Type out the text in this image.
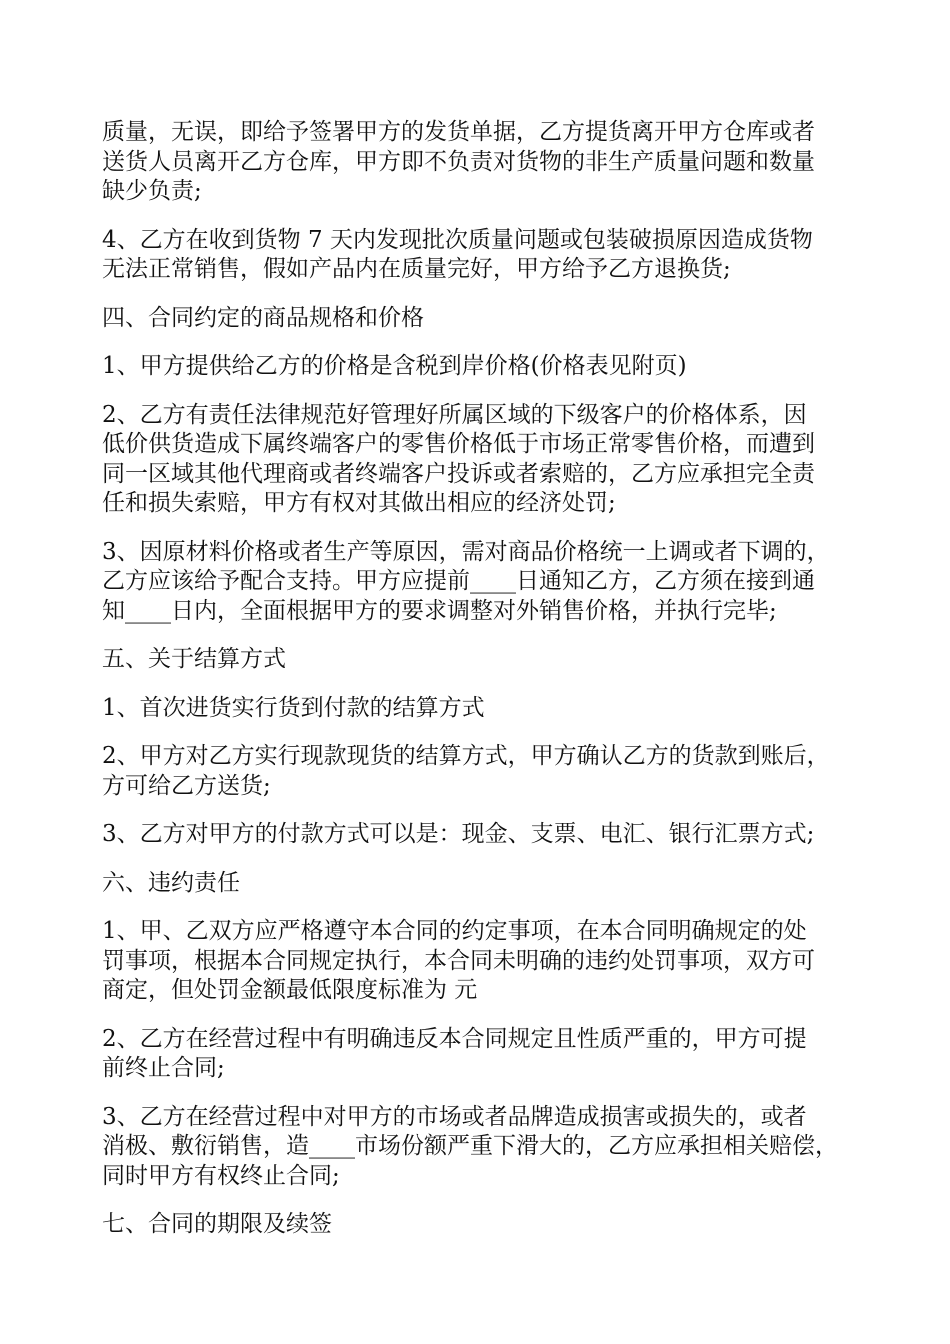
质量，无误，即给予签署甲方的发货单据，乙方提货离开甲方仓库或者
送货人员离开乙方仓库，甲方即不负责对货物的非生产质量问题和数量
缺少负责;

4、乙方在收到货物 7 天内发现批次质量问题或包装破损原因造成货物
无法正常销售，假如产品内在质量完好，甲方给予乙方退换货;

四、合同约定的商品规格和价格

1、甲方提供给乙方的价格是含税到岸价格(价格表见附页)

2、乙方有责任法律规范好管理好所属区域的下级客户的价格体系，因
低价供货造成下属终端客户的零售价格低于市场正常零售价格，而遭到
同一区域其他代理商或者终端客户投诉或者索赔的，乙方应承担完全责
任和损失索赔，甲方有权对其做出相应的经济处罚;

3、因原材料价格或者生产等原因，需对商品价格统一上调或者下调的，
乙方应该给予配合支持。甲方应提前____日通知乙方，乙方须在接到通
知____日内，全面根据甲方的要求调整对外销售价格，并执行完毕;

五、关于结算方式

1、首次进货实行货到付款的结算方式

2、甲方对乙方实行现款现货的结算方式，甲方确认乙方的货款到账后，
方可给乙方送货;

3、乙方对甲方的付款方式可以是：现金、支票、电汇、银行汇票方式;

六、违约责任

1、甲、乙双方应严格遵守本合同的约定事项，在本合同明确规定的处
罚事项，根据本合同规定执行，本合同未明确的违约处罚事项，双方可
商定，但处罚金额最低限度标准为 元

2、乙方在经营过程中有明确违反本合同规定且性质严重的，甲方可提
前终止合同;

3、乙方在经营过程中对甲方的市场或者品牌造成损害或损失的，或者
消极、敷衍销售，造____市场份额严重下滑大的，乙方应承担相关赔偿，
同时甲方有权终止合同;

七、合同的期限及续签
